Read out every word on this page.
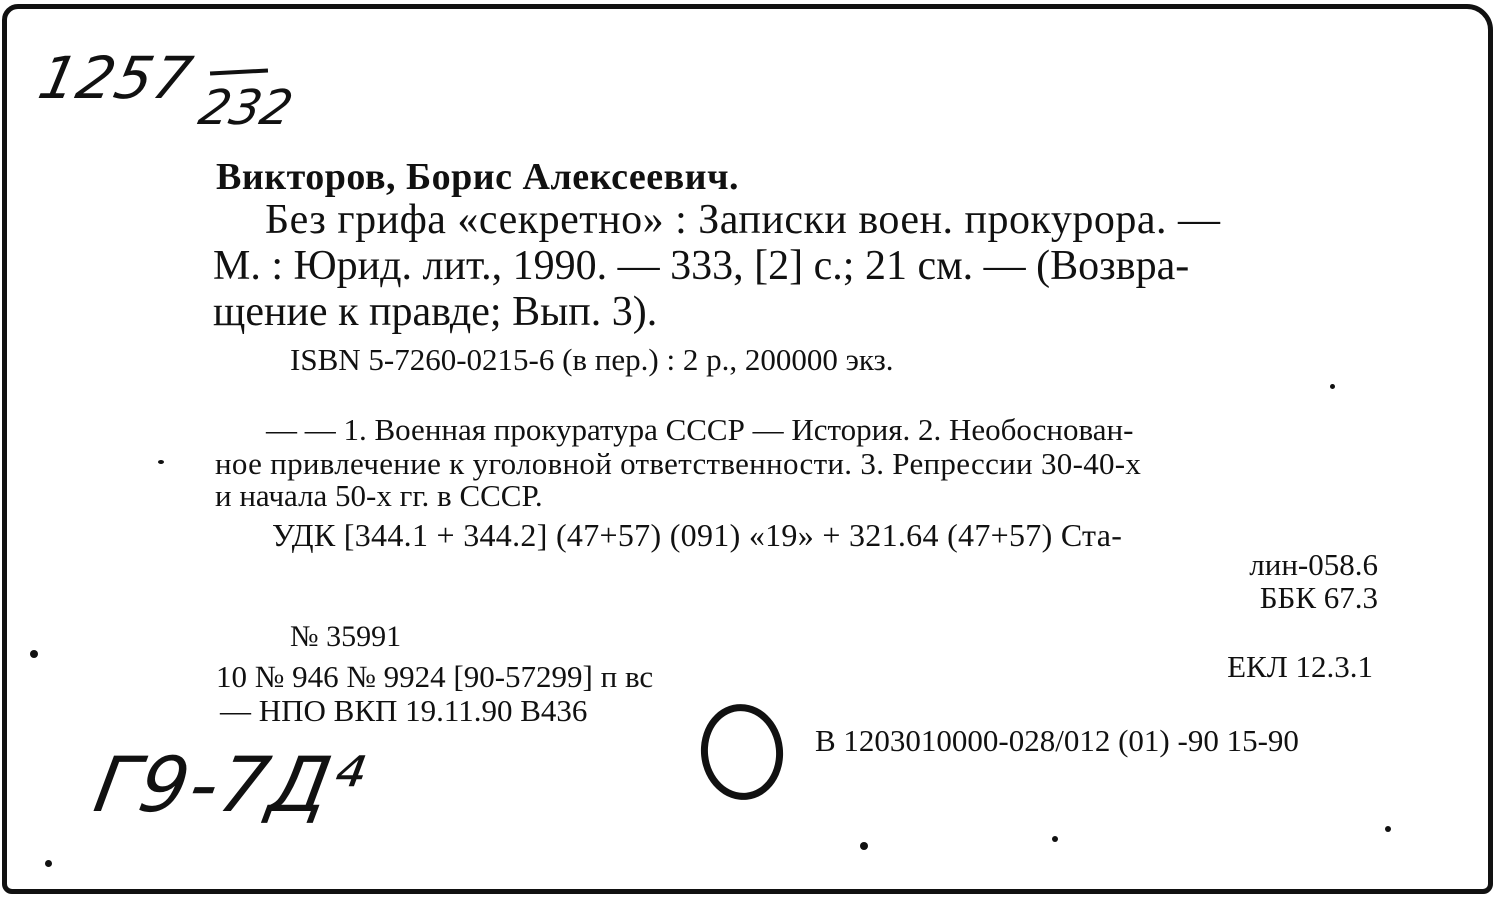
1257
232
Викторов, Борис Алексеевич.
Без грифа «секретно» : Записки воен. прокурора. —
М. : Юрид. лит., 1990. — 333, [2] с.; 21 см. — (Возвра-
щение к правде; Вып. 3).
ISBN 5-7260-0215-6 (в пер.) : 2 р., 200000 экз.
— — 1. Военная прокуратура СССР — История. 2. Необоснован-
ное привлечение к уголовной ответственности. 3. Репрессии 30-40-х
и начала 50-х гг. в СССР.
УДК [344.1 + 344.2] (47+57) (091) «19» + 321.64 (47+57) Ста-
лин-058.6
ББК 67.3
№ 35991
10 № 946 № 9924 [90-57299] п вс
— НПО ВКП 19.11.90 В436
ЕКЛ 12.3.1
В 1203010000-028/012 (01) -90 15-90
Г9-7Д⁴
